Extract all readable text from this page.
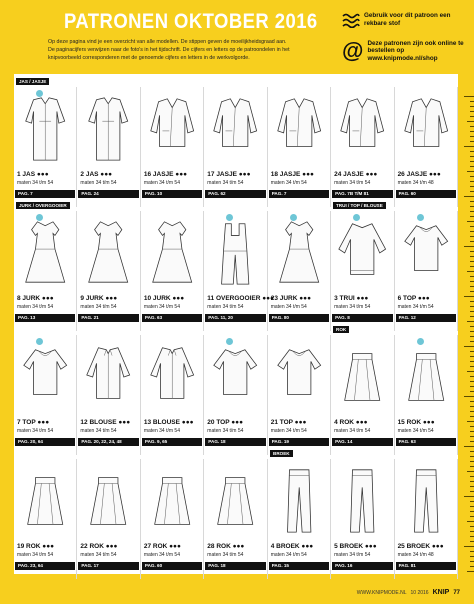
PATRONEN OKTOBER 2016
Op deze pagina vind je een overzicht van alle modellen. De stippen geven de moeilijkheidsgraad aan.
De paginacijfers verwijzen naar de foto's in het tijdschrift. De cijfers en letters op de patroondelen in het
knipvoorbeeld corresponderen met de genoemde cijfers en letters in de werkvolgorde.
Gebruik voor dit patroon een rekbare stof
@ Deze patronen zijn ook online te bestellen op www.knipmode.nl/shop
JAS / JASJE
1 JAS ●●●
maten 34 t/m 54
PAG. 7
2 JAS ●●●
maten 34 t/m 54
PAG. 24
16 JASJE ●●●
maten 34 t/m 54
PAG. 10
17 JASJE ●●●
maten 34 t/m 54
PAG. 62
18 JASJE ●●●
maten 34 t/m 54
PAG. 7
24 JASJE ●●●
maten 34 t/m 54
PAG. 7B T/M 81
26 JASJE ●●●
maten 34 t/m 48
PAG. 60
JURK / OVERGOOIER	TRUI / TOP / BLOUSE
8 JURK ●●●
maten 34 t/m 54
PAG. 13
9 JURK ●●●
maten 34 t/m 54
PAG. 21
10 JURK ●●●
maten 34 t/m 54
PAG. 63
11 OVERGOOIER ●●●
maten 34 t/m 54
PAG. 11, 20
23 JURK ●●●
maten 34 t/m 54
PAG. 80
3 TRUI ●●●
maten 34 t/m 54
PAG. 8
6 TOP ●●●
maten 34 t/m 54
PAG. 12
ROK
7 TOP ●●●
maten 34 t/m 54
PAG. 20, 64
12 BLOUSE ●●●
maten 34 t/m 54
PAG. 20, 22, 24, 48
13 BLOUSE ●●●
maten 34 t/m 54
PAG. 9, 65
20 TOP ●●●
maten 34 t/m 54
PAG. 18
21 TOP ●●●
maten 34 t/m 54
PAG. 19
4 ROK ●●●
maten 34 t/m 54
PAG. 14
15 ROK ●●●
maten 34 t/m 54
PAG. 63
BROEK
19 ROK ●●●
maten 34 t/m 54
PAG. 23, 64
22 ROK ●●●
maten 34 t/m 54
PAG. 17
27 ROK ●●●
maten 34 t/m 54
PAG. 60
28 ROK ●●●
maten 34 t/m 54
PAG. 18
4 BROEK ●●●
maten 34 t/m 54
PAG. 15
5 BROEK ●●●
maten 34 t/m 54
PAG. 16
25 BROEK ●●●
maten 34 t/m 48
PAG. 81
WWW.KNIPMODE.NL 10 2016 KNIP 77
